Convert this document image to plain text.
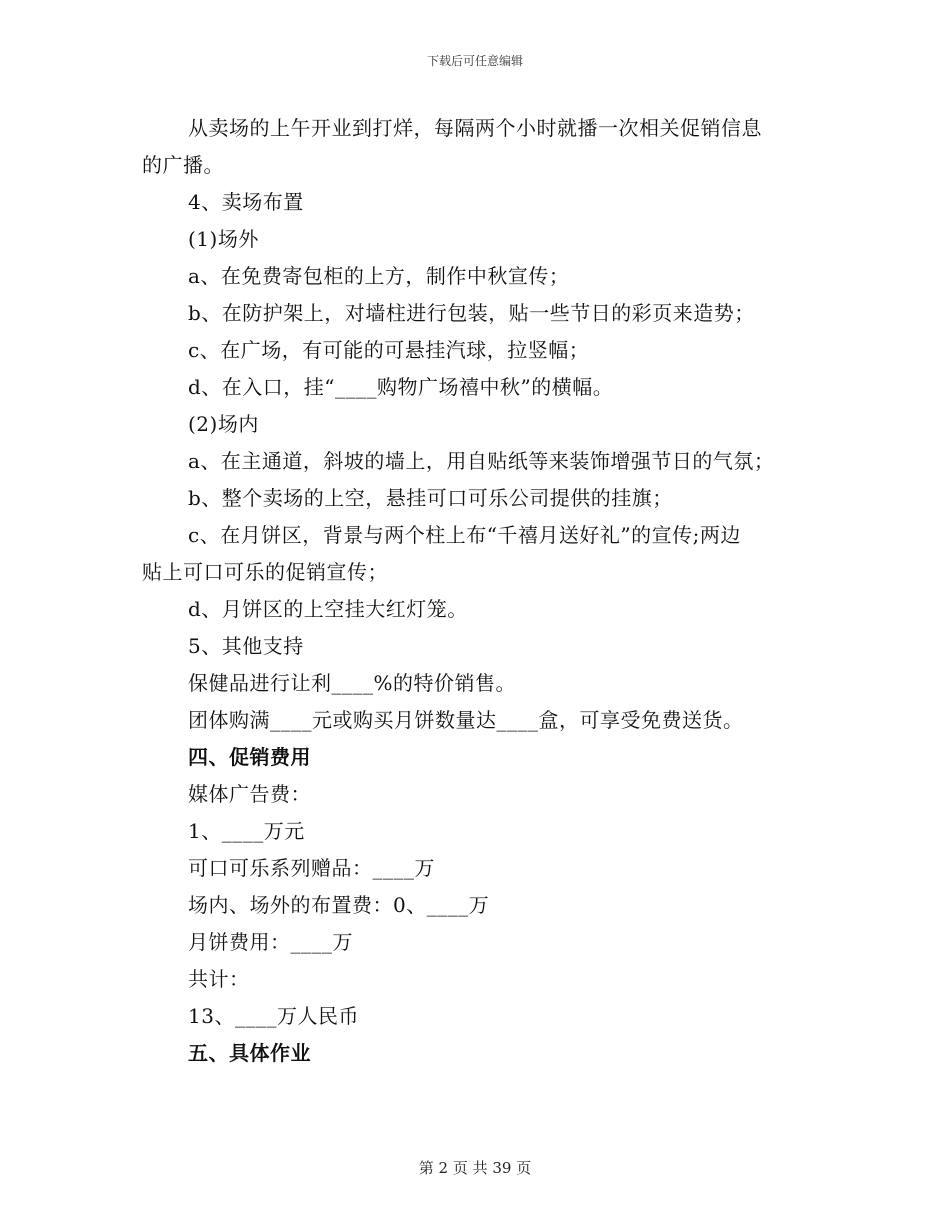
下载后可任意编辑

从卖场的上午开业到打烊，每隔两个小时就播一次相关促销信息

的广播。

4、卖场布置

(1)场外

a、在免费寄包柜的上方，制作中秋宣传；

b、在防护架上，对墙柱进行包装，贴一些节日的彩页来造势；

c、在广场，有可能的可悬挂汽球，拉竖幅；

d、在入口，挂“____购物广场禧中秋”的横幅。

(2)场内

a、在主通道，斜坡的墙上，用自贴纸等来装饰增强节日的气氛；

b、整个卖场的上空，悬挂可口可乐公司提供的挂旗；

c、在月饼区，背景与两个柱上布“千禧月送好礼”的宣传;两边

贴上可口可乐的促销宣传；

d、月饼区的上空挂大红灯笼。

5、其他支持

保健品进行让利____%的特价销售。

团体购满____元或购买月饼数量达____盒，可享受免费送货。

四、促销费用

媒体广告费：

1、____万元

可口可乐系列赠品：____万

场内、场外的布置费：0、____万

月饼费用：____万

共计：

13、____万人民币

五、具体作业

第 2 页 共 39 页
